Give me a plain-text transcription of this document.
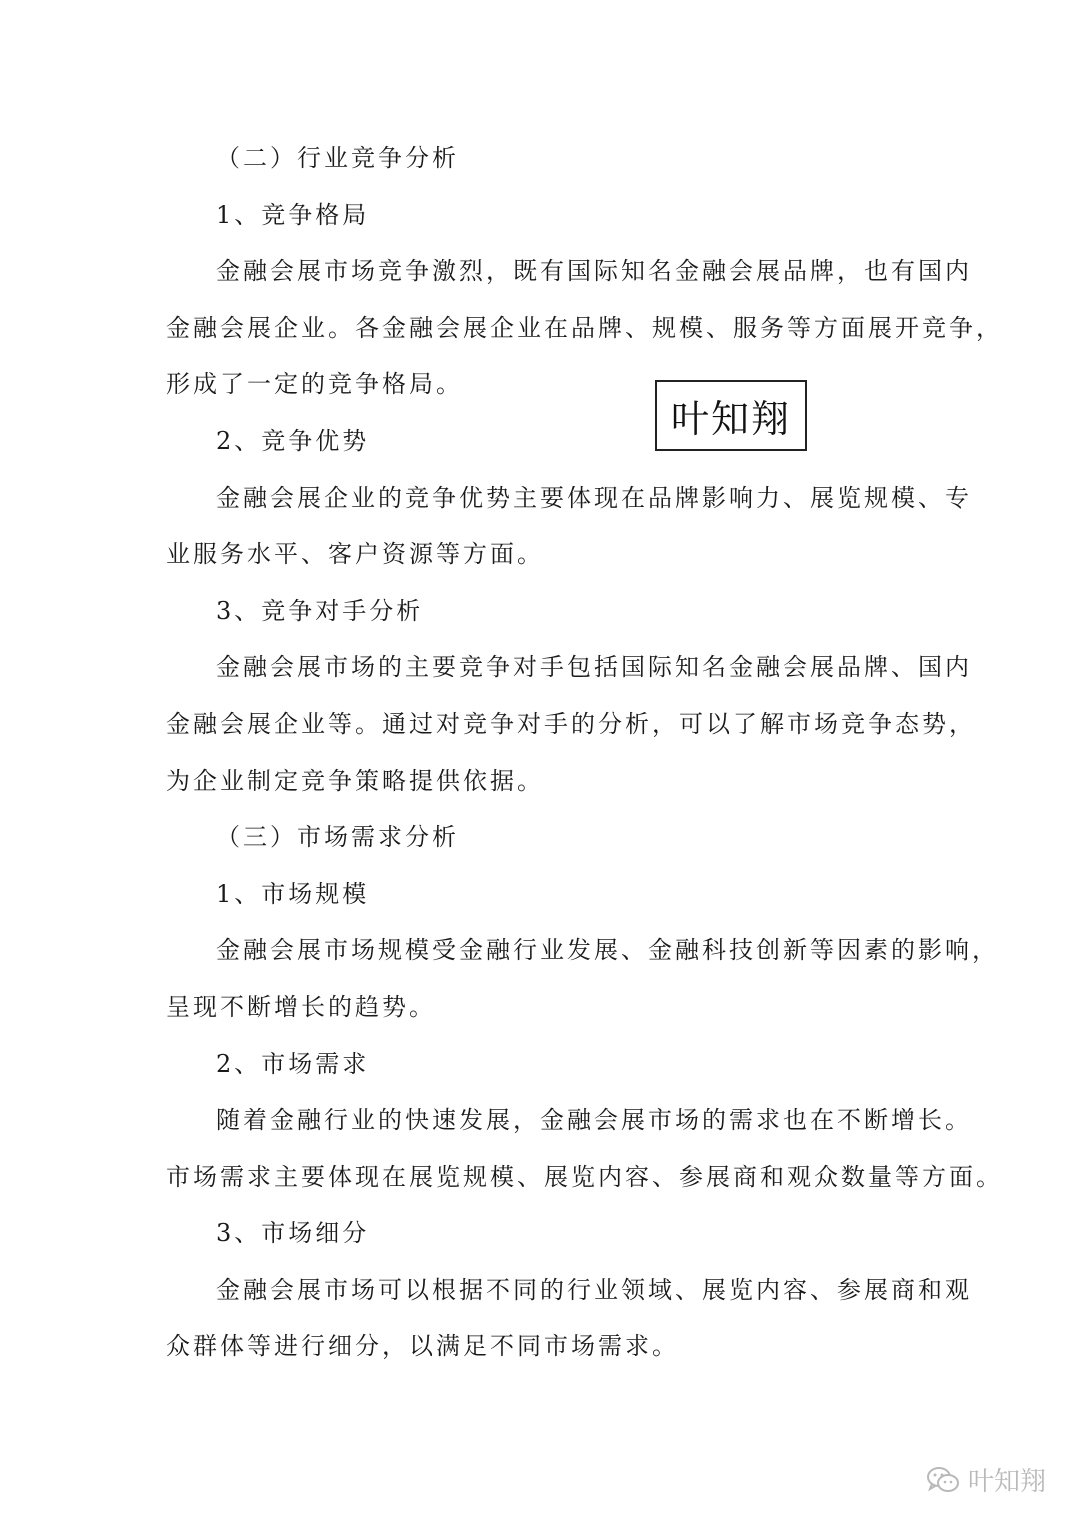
（二）行业竞争分析
1、竞争格局
金融会展市场竞争激烈，既有国际知名金融会展品牌，也有国内
金融会展企业。各金融会展企业在品牌、规模、服务等方面展开竞争，
形成了一定的竞争格局。
2、竞争优势
金融会展企业的竞争优势主要体现在品牌影响力、展览规模、专
业服务水平、客户资源等方面。
3、竞争对手分析
金融会展市场的主要竞争对手包括国际知名金融会展品牌、国内
金融会展企业等。通过对竞争对手的分析，可以了解市场竞争态势，
为企业制定竞争策略提供依据。
（三）市场需求分析
1、市场规模
金融会展市场规模受金融行业发展、金融科技创新等因素的影响，
呈现不断增长的趋势。
2、市场需求
随着金融行业的快速发展，金融会展市场的需求也在不断增长。
市场需求主要体现在展览规模、展览内容、参展商和观众数量等方面。
3、市场细分
金融会展市场可以根据不同的行业领域、展览内容、参展商和观
众群体等进行细分，以满足不同市场需求。
叶知翔
叶知翔
